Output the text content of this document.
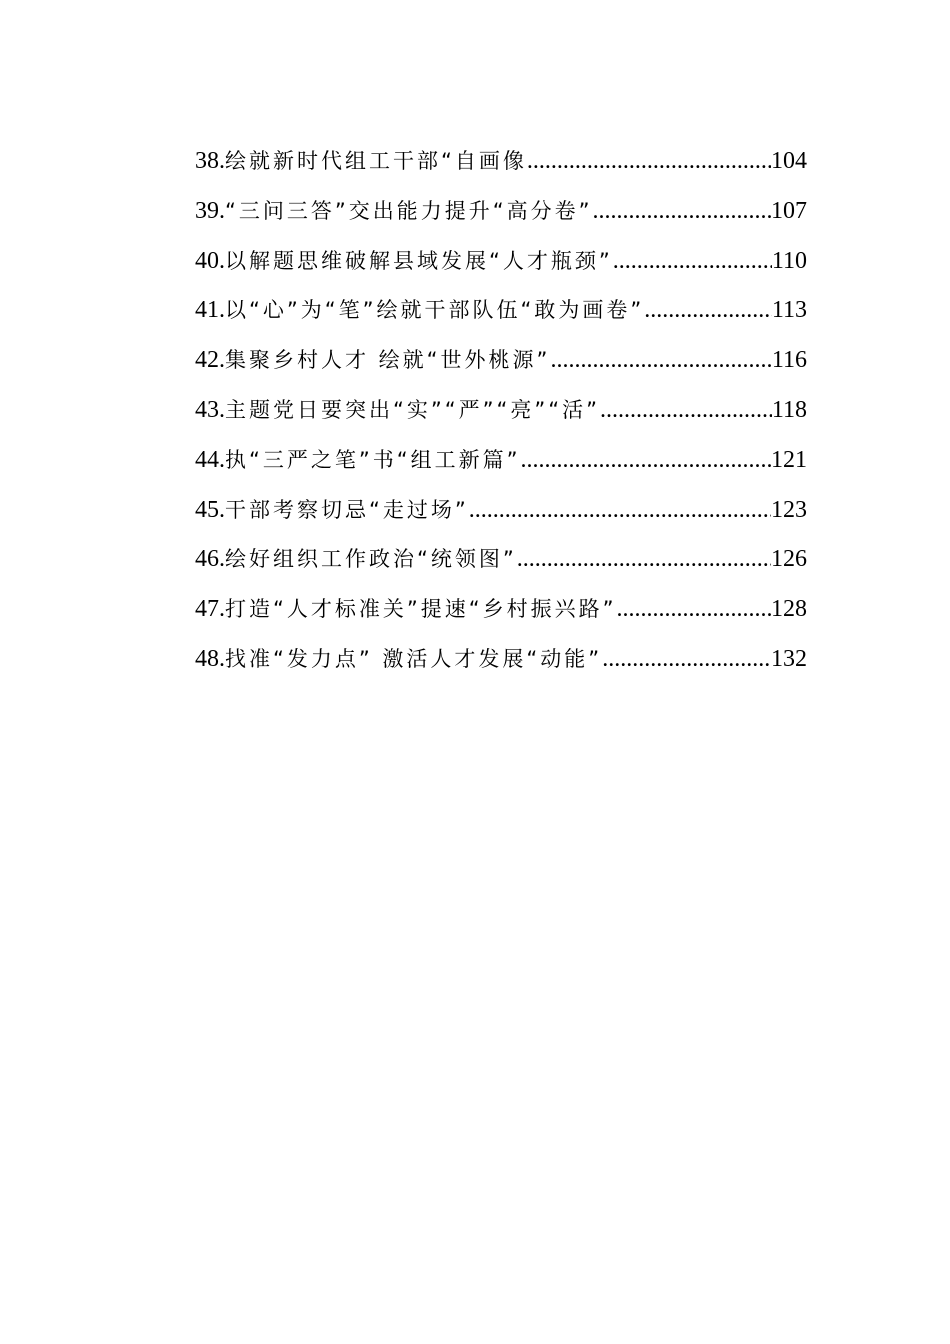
38. 绘就新时代组工干部“自画像 .....	104
39. “三问三答”交出能力提升“高分卷” .....	107
40. 以解题思维破解县域发展“人才瓶颈” .....	110
41. 以“心”为“笔”绘就干部队伍“敢为画卷” .....	113
42. 集聚乡村人才 绘就“世外桃源” .....	116
43. 主题党日要突出“实”“严”“亮”“活” .....	118
44. 执“三严之笔”书“组工新篇” .....	121
45. 干部考察切忌“走过场” .....	123
46. 绘好组织工作政治“统领图” .....	126
47. 打造“人才标准关”提速“乡村振兴路” .....	128
48. 找准“发力点” 激活人才发展“动能” .....	132
